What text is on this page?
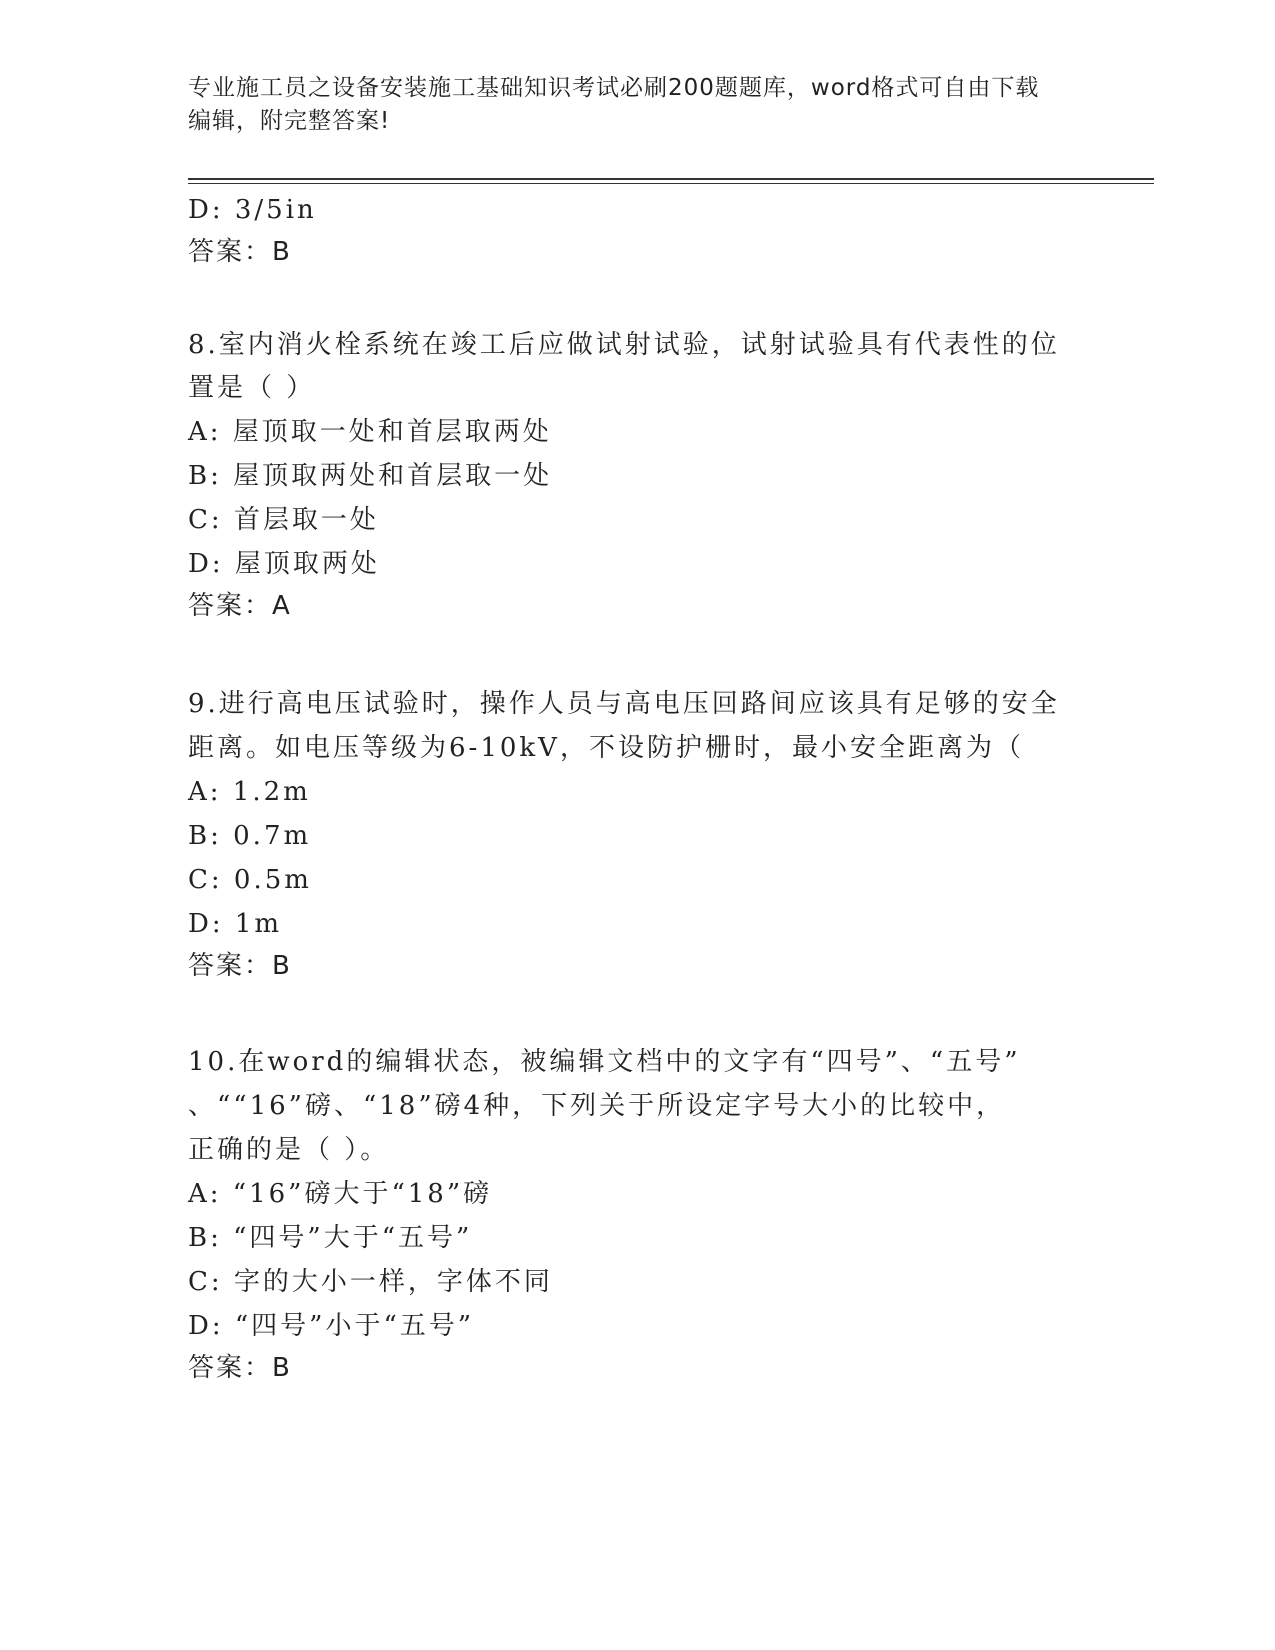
专业施工员之设备安装施工基础知识考试必刷200题题库，word格式可自由下载
编辑，附完整答案!
D: 3/5in
答案：B
8.室内消火栓系统在竣工后应做试射试验，试射试验具有代表性的位
置是（ ）
A: 屋顶取一处和首层取两处
B: 屋顶取两处和首层取一处
C: 首层取一处
D: 屋顶取两处
答案：A
9.进行高电压试验时，操作人员与高电压回路间应该具有足够的安全
距离。如电压等级为6-10kV，不设防护栅时，最小安全距离为（
A: 1.2m
B: 0.7m
C: 0.5m
D: 1m
答案：B
10.在word的编辑状态，被编辑文档中的文字有“四号”、“五号”
、““16”磅、“18”磅4种，下列关于所设定字号大小的比较中，
正确的是（ ）。
A: “16”磅大于“18”磅
B: “四号”大于“五号”
C: 字的大小一样，字体不同
D: “四号”小于“五号”
答案：B
